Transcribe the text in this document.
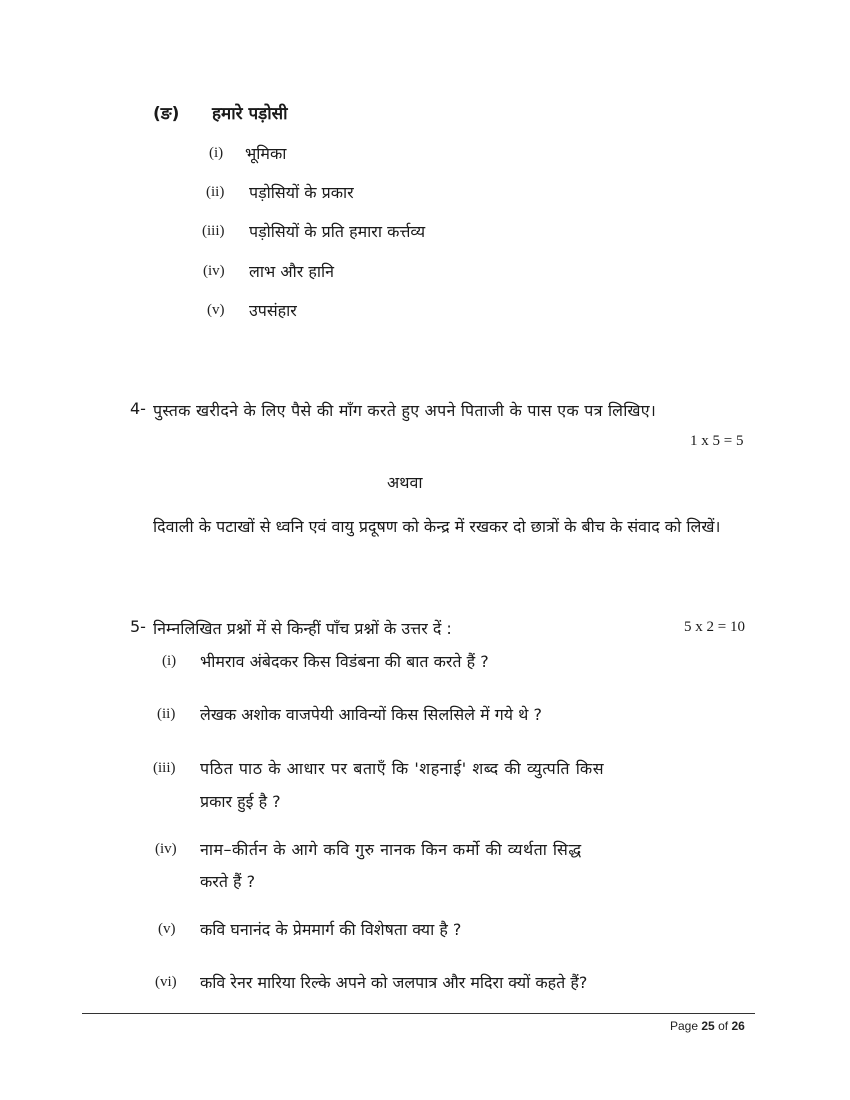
(ङ) हमारे पड़ोसी
(i) भूमिका
(ii) पड़ोसियों के प्रकार
(iii) पड़ोसियों के प्रति हमारा कर्त्तव्य
(iv) लाभ और हानि
(v) उपसंहार
4- पुस्तक खरीदने के लिए पैसे की माँग करते हुए अपने पिताजी के पास एक पत्र लिखिए।
1 x 5 = 5
अथवा
दिवाली के पटाखों से ध्वनि एवं वायु प्रदूषण को केन्द्र में रखकर दो छात्रों के बीच के संवाद को लिखें।
5- निम्नलिखित प्रश्नों में से किन्हीं पाँच प्रश्नों के उत्तर दें :	5 x 2 = 10
(i) भीमराव अंबेदकर किस विडंबना की बात करते हैं ?
(ii) लेखक अशोक वाजपेयी आविन्यों किस सिलसिले में गये थे ?
(iii) पठित पाठ के आधार पर बताएँ कि 'शहनाई' शब्द की व्युत्पति किस
प्रकार हुई है ?
(iv) नाम–कीर्तन के आगे कवि गुरु नानक किन कर्मो की व्यर्थता सिद्ध
करते हैं ?
(v) कवि घनानंद के प्रेममार्ग की विशेषता क्या है ?
(vi) कवि रेनर मारिया रिल्के अपने को जलपात्र और मदिरा क्यों कहते हैं?
Page 25 of 26
